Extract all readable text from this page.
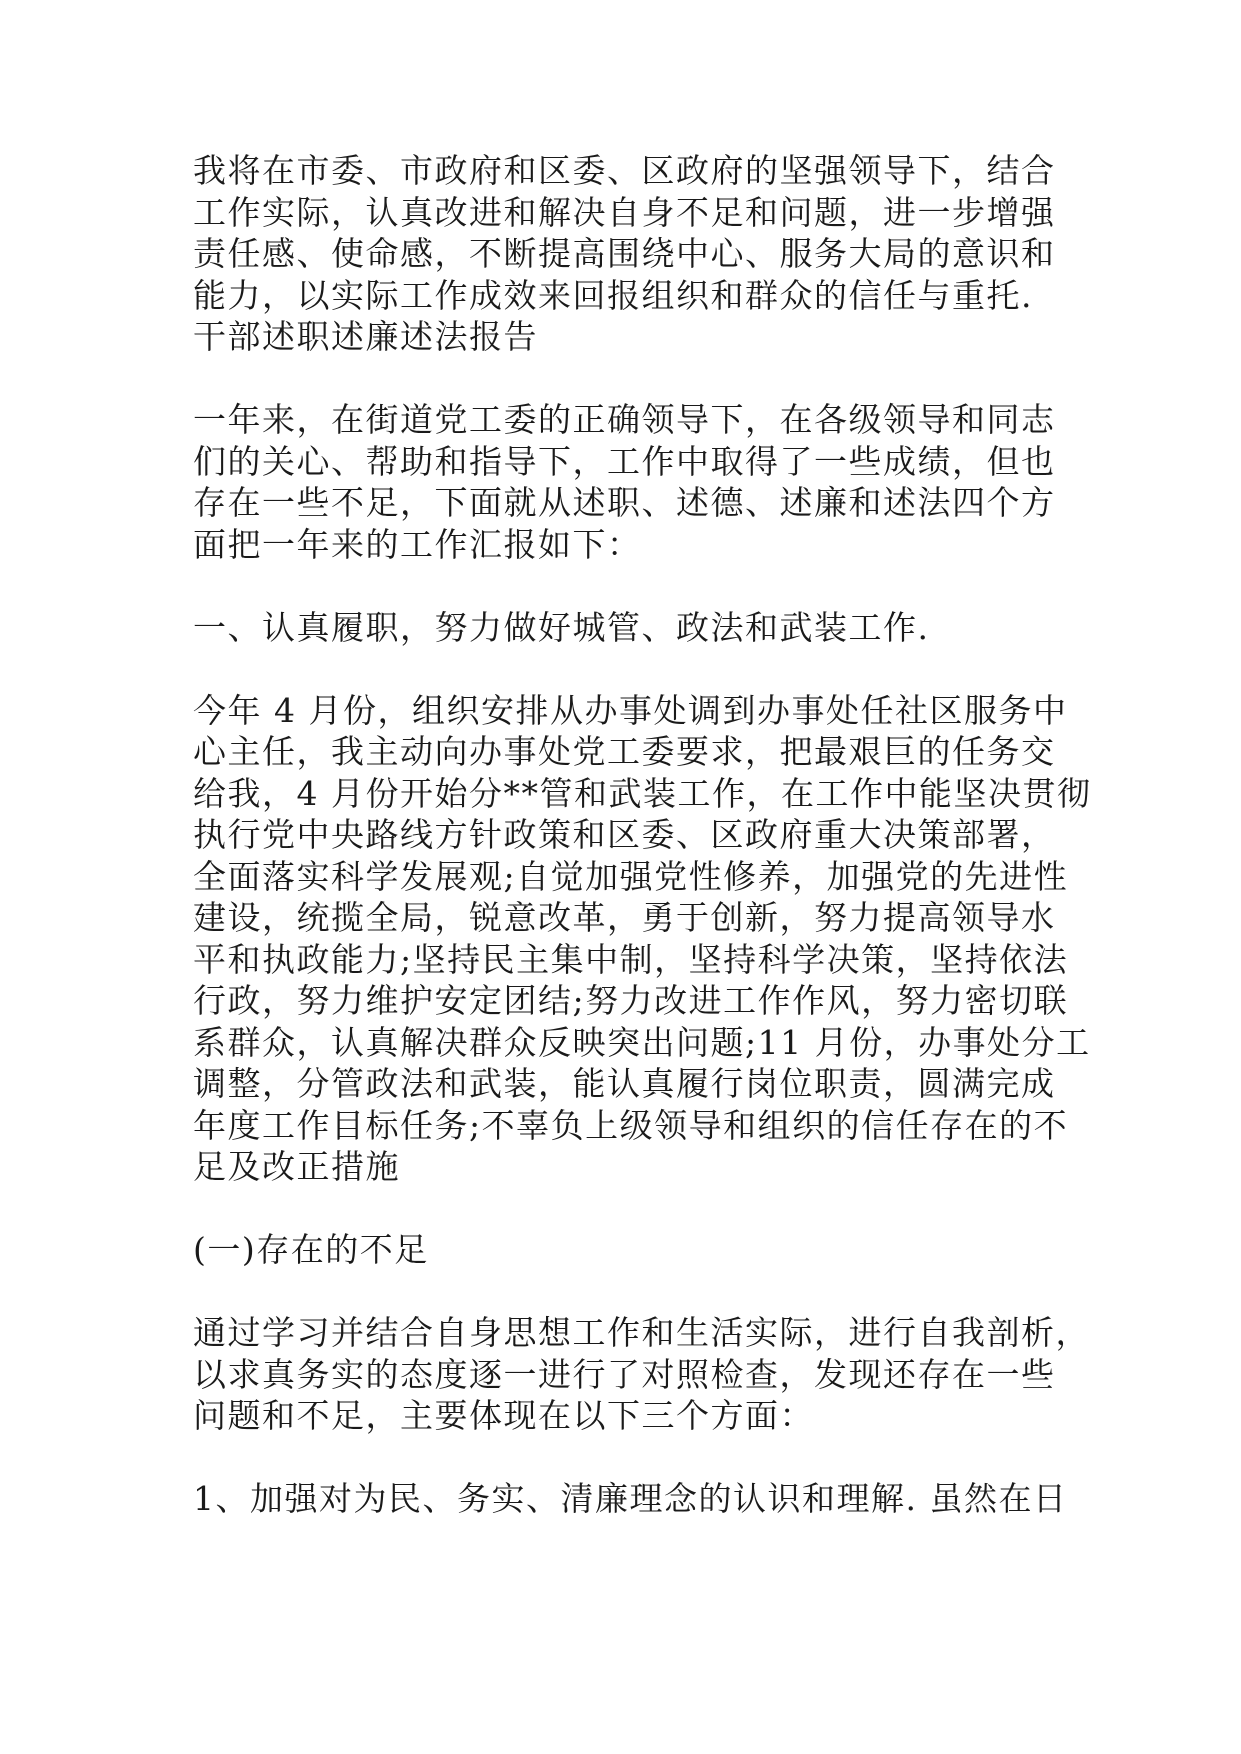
我将在市委、市政府和区委、区政府的坚强领导下，结合
工作实际，认真改进和解决自身不足和问题，进一步增强
责任感、使命感，不断提高围绕中心、服务大局的意识和
能力，以实际工作成效来回报组织和群众的信任与重托.
干部述职述廉述法报告

一年来，在街道党工委的正确领导下，在各级领导和同志
们的关心、帮助和指导下，工作中取得了一些成绩，但也
存在一些不足，下面就从述职、述德、述廉和述法四个方
面把一年来的工作汇报如下：

一、认真履职，努力做好城管、政法和武装工作.

今年 4 月份，组织安排从办事处调到办事处任社区服务中
心主任，我主动向办事处党工委要求，把最艰巨的任务交
给我，4 月份开始分**管和武装工作，在工作中能坚决贯彻
执行党中央路线方针政策和区委、区政府重大决策部署，
全面落实科学发展观;自觉加强党性修养，加强党的先进性
建设，统揽全局，锐意改革，勇于创新，努力提高领导水
平和执政能力;坚持民主集中制，坚持科学决策，坚持依法
行政，努力维护安定团结;努力改进工作作风，努力密切联
系群众，认真解决群众反映突出问题;11 月份，办事处分工
调整，分管政法和武装，能认真履行岗位职责，圆满完成
年度工作目标任务;不辜负上级领导和组织的信任存在的不
足及改正措施

(一)存在的不足

通过学习并结合自身思想工作和生活实际，进行自我剖析，
以求真务实的态度逐一进行了对照检查，发现还存在一些
问题和不足，主要体现在以下三个方面：

1、加强对为民、务实、清廉理念的认识和理解. 虽然在日
